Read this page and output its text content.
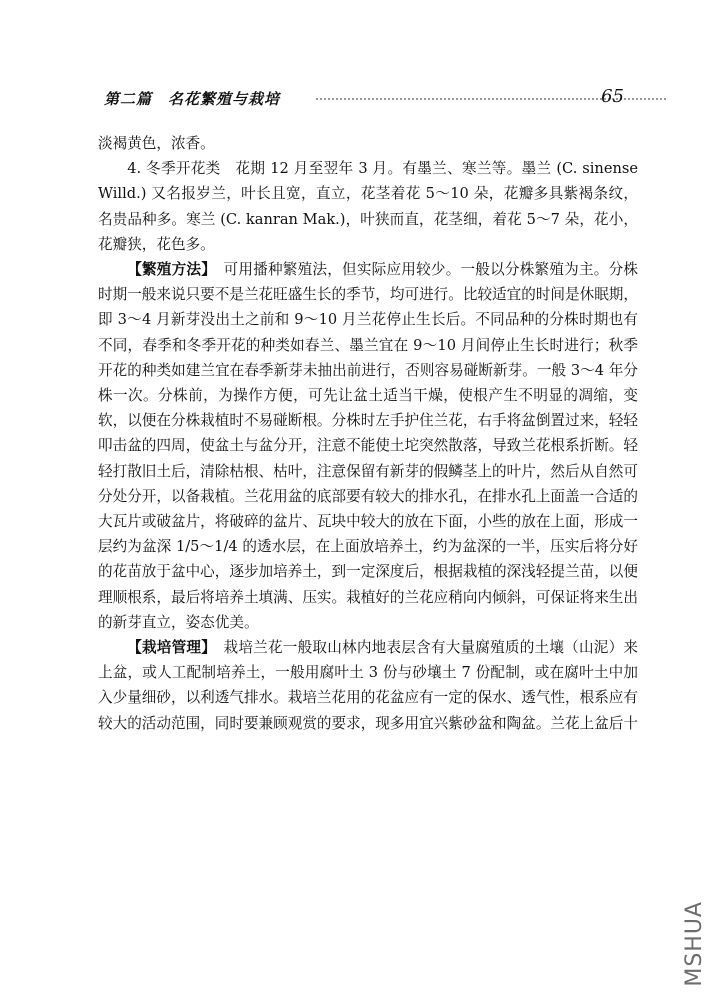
第二篇　名花繁殖与栽培	65

淡褐黄色，浓香。

4. 冬季开花类　花期 12 月至翌年 3 月。有墨兰、寒兰等。墨兰 (C. sinense Willd.) 又名报岁兰，叶长且宽，直立，花茎着花 5～10 朵，花瓣多具紫褐条纹，名贵品种多。寒兰 (C. kanran Mak.)，叶狭而直，花茎细，着花 5～7 朵，花小，花瓣狭，花色多。

【繁殖方法】　可用播种繁殖法，但实际应用较少。一般以分株繁殖为主。分株时期一般来说只要不是兰花旺盛生长的季节，均可进行。比较适宜的时间是休眠期，即 3～4 月新芽没出土之前和 9～10 月兰花停止生长后。不同品种的分株时期也有不同，春季和冬季开花的种类如春兰、墨兰宜在 9～10 月间停止生长时进行；秋季开花的种类如建兰宜在春季新芽未抽出前进行，否则容易碰断新芽。一般 3～4 年分株一次。分株前，为操作方便，可先让盆土适当干燥，使根产生不明显的凋缩，变软，以便在分株栽植时不易碰断根。分株时左手护住兰花，右手将盆倒置过来，轻轻叩击盆的四周，使盆土与盆分开，注意不能使土坨突然散落，导致兰花根系折断。轻轻打散旧土后，清除枯根、枯叶，注意保留有新芽的假鳞茎上的叶片，然后从自然可分处分开，以备栽植。兰花用盆的底部要有较大的排水孔，在排水孔上面盖一合适的大瓦片或破盆片，将破碎的盆片、瓦块中较大的放在下面，小些的放在上面，形成一层约为盆深 1/5～1/4 的透水层，在上面放培养土，约为盆深的一半，压实后将分好的花苗放于盆中心，逐步加培养土，到一定深度后，根据栽植的深浅轻提兰苗，以便理顺根系，最后将培养土填满、压实。栽植好的兰花应稍向内倾斜，可保证将来生出的新芽直立，姿态优美。

【栽培管理】　栽培兰花一般取山林内地表层含有大量腐殖质的土壤（山泥）来上盆，或人工配制培养土，一般用腐叶土 3 份与砂壤土 7 份配制，或在腐叶土中加入少量细砂，以利透气排水。栽培兰花用的花盆应有一定的保水、透气性，根系应有较大的活动范围，同时要兼顾观赏的要求，现多用宜兴紫砂盆和陶盆。兰花上盆后十

MSHUA
